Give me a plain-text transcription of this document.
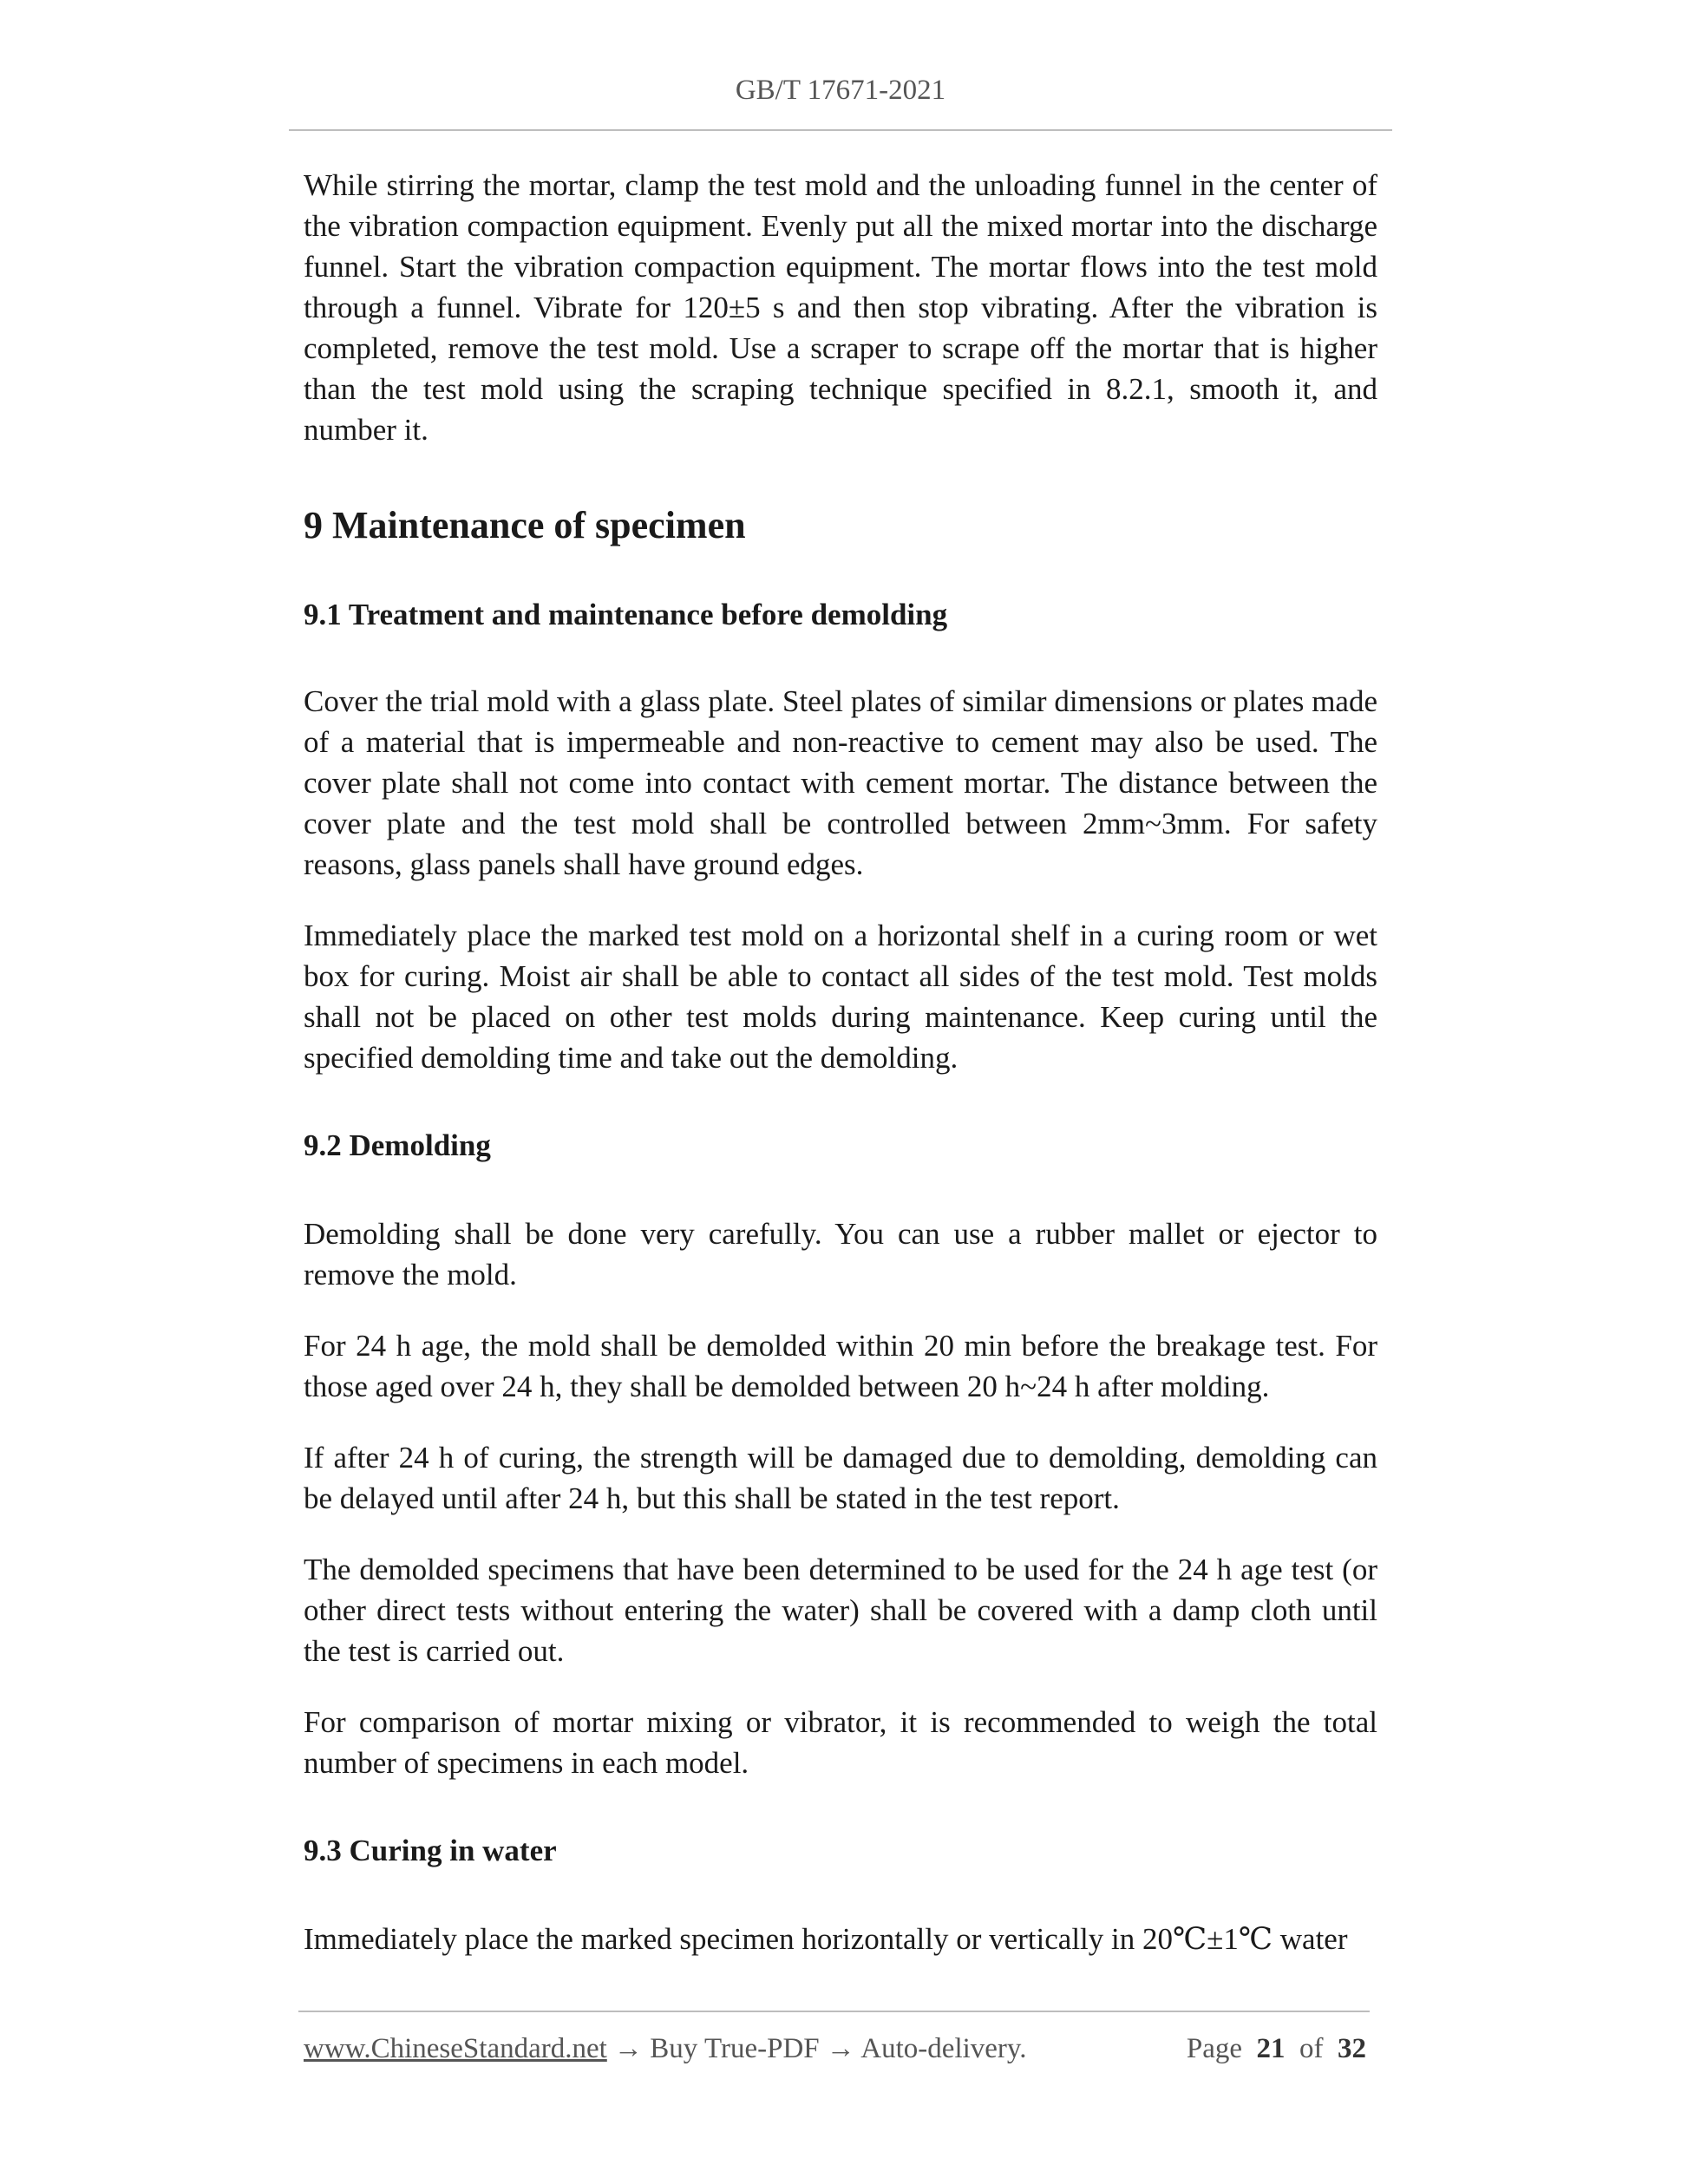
GB/T 17671-2021

While stirring the mortar, clamp the test mold and the unloading funnel in the center of the vibration compaction equipment. Evenly put all the mixed mortar into the discharge funnel. Start the vibration compaction equipment. The mortar flows into the test mold through a funnel. Vibrate for 120±5 s and then stop vibrating. After the vibration is completed, remove the test mold. Use a scraper to scrape off the mortar that is higher than the test mold using the scraping technique specified in 8.2.1, smooth it, and number it.

9 Maintenance of specimen
9.1 Treatment and maintenance before demolding

Cover the trial mold with a glass plate. Steel plates of similar dimensions or plates made of a material that is impermeable and non-reactive to cement may also be used. The cover plate shall not come into contact with cement mortar. The distance between the cover plate and the test mold shall be controlled between 2mm~3mm. For safety reasons, glass panels shall have ground edges.

Immediately place the marked test mold on a horizontal shelf in a curing room or wet box for curing. Moist air shall be able to contact all sides of the test mold. Test molds shall not be placed on other test molds during maintenance. Keep curing until the specified demolding time and take out the demolding.

9.2 Demolding

Demolding shall be done very carefully. You can use a rubber mallet or ejector to remove the mold.

For 24 h age, the mold shall be demolded within 20 min before the breakage test. For those aged over 24 h, they shall be demolded between 20 h~24 h after molding.

If after 24 h of curing, the strength will be damaged due to demolding, demolding can be delayed until after 24 h, but this shall be stated in the test report.

The demolded specimens that have been determined to be used for the 24 h age test (or other direct tests without entering the water) shall be covered with a damp cloth until the test is carried out.

For comparison of mortar mixing or vibrator, it is recommended to weigh the total number of specimens in each model.

9.3 Curing in water

Immediately place the marked specimen horizontally or vertically in 20℃±1℃ water

www.ChineseStandard.net → Buy True-PDF → Auto-delivery.	Page 21 of 32
